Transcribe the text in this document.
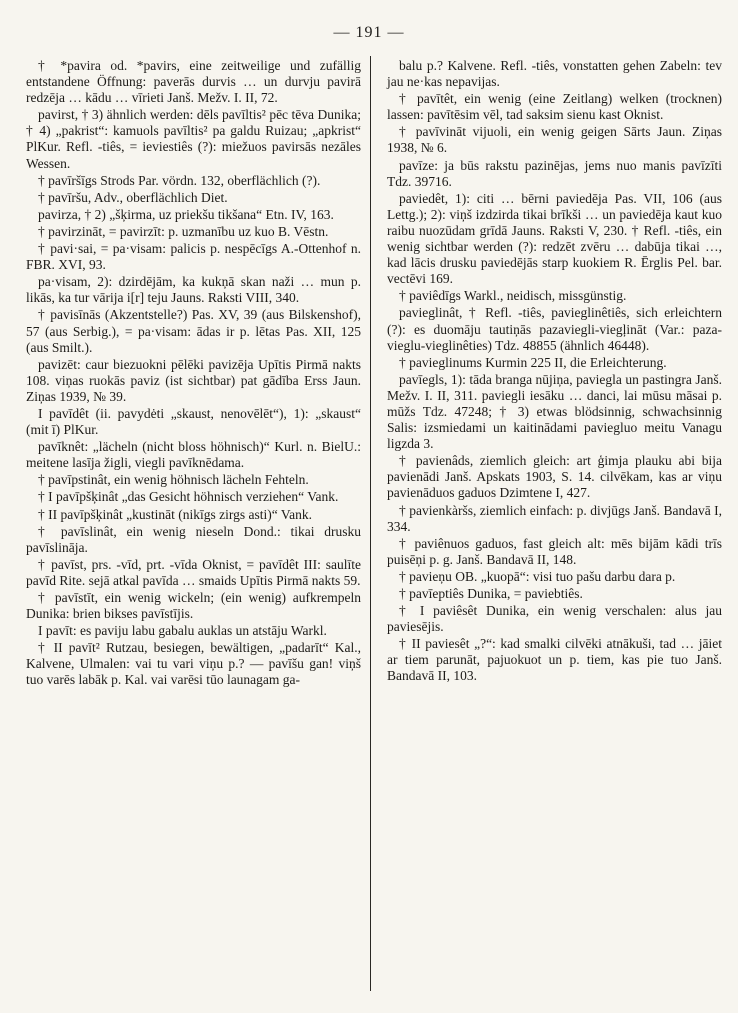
— 191 —

† *pavira od. *pavirs, eine zeitweilige und zufällig entstandene Öffnung: paverās durvis … un durvju pavirā redzēja … kādu … vīrieti Janš. Mežv. I. II, 72.

pavirst, † 3) ähnlich werden: dēls pavīltis² pēc tēva Dunika; † 4) „pakrist“: kamuols pavīltis² pa galdu Ruizau; „apkrist“ PlKur. Refl. -tiês, = ieviestiês (?): miežuos pavirsās nezāles Wessen.

† pavīršīgs Strods Par. vördn. 132, oberflächlich (?).

† pavīršu, Adv., oberflächlich Diet.

pavirza, † 2) „šķirma, uz priekšu tikšana“ Etn. IV, 163.

† pavirzināt, = pavirzīt: p. uzmanību uz kuo B. Vēstn.

† pavi·sai, = pa·visam: palicis p. nespēcīgs A.-Ottenhof n. FBR. XVI, 93.

pa·visam, 2): dzirdējām, ka kukņā skan naži … mun p. likās, ka tur vārija i[r] teju Jauns. Raksti VIII, 340.

† pavisīnās (Akzentstelle?) Pas. XV, 39 (aus Bilskenshof), 57 (aus Serbig.), = pa·visam: ādas ir p. lētas Pas. XII, 125 (aus Smilt.).

pavizēt: caur biezuokni pēlēki pavizēja Upītis Pirmā nakts 108. viņas ruokās paviz (ist sichtbar) pat gādība Erss Jaun. Ziņas 1939, № 39.

I pavīdêt (ii. pavydėti „skaust, nenovēlēt“), 1): „skaust“ (mit ī) PlKur.

pavīknêt: „lächeln (nicht bloss höhnisch)“ Kurl. n. BielU.: meitene lasīja žigli, viegli pavīknēdama.

† pavīpstinât, ein wenig höhnisch lächeln Fehteln.

† I pavīpšķinât „das Gesicht höhnisch verziehen“ Vank.

† II pavīpšķinât „kustināt (nikīgs zirgs asti)“ Vank.

† pavīslinât, ein wenig nieseln Dond.: tikai drusku pavīslināja.

† pavīst, prs. -vīd, prt. -vīda Oknist, = pavīdêt III: saulīte pavīd Rite. sejā atkal pavīda … smaids Upītis Pirmā nakts 59.

† pavīstīt, ein wenig wickeln; (ein wenig) aufkrempeln Dunika: brien bikses pavīstījis.

I pavīt: es paviju labu gabalu auklas un atstāju Warkl.

† II pavīt² Rutzau, besiegen, bewältigen, „padarīt“ Kal., Kalvene, Ulmalen: vai tu vari viņu p.? — pavīšu gan! viņš tuo varēs labāk p. Kal. vai varēsi tūo launagam ga-

balu p.? Kalvene. Refl. -tiês, vonstatten gehen Zabeln: tev jau ne·kas nepavijas.

† pavītêt, ein wenig (eine Zeitlang) welken (trocknen) lassen: pavītēsim vēl, tad saksim sienu kast Oknist.

† pavīvināt vijuoli, ein wenig geigen Sārts Jaun. Ziņas 1938, № 6.

pavīze: ja būs rakstu pazinējas, jems nuo manis pavīzīti Tdz. 39716.

paviedêt, 1): citi … bērni paviedēja Pas. VII, 106 (aus Lettg.); 2): viņš izdzirda tikai brīkši … un paviedēja kaut kuo raibu nuozūdam grīdā Jauns. Raksti V, 230. † Refl. -tiês, ein wenig sichtbar werden (?): redzēt zvēru … dabūja tikai …, kad lācis drusku paviedējās starp kuokiem R. Ērglis Pel. bar. vectēvi 169.

† paviêdīgs Warkl., neidisch, missgünstig.

pavieglinât, † Refl. -tiês, pavieglinêtiês, sich erleichtern (?): es duomāju tautiņās pazaviegli-viegļināt (Var.: paza-vieglu-vieglinêties) Tdz. 48855 (ähnlich 46448).

† pavieglinums Kurmin 225 II, die Erleichterung.

pavīegls, 1): tāda branga nūjiņa, paviegla un pastingra Janš. Mežv. I. II, 311. paviegli iesāku … danci, lai mūsu māsai p. mūžs Tdz. 47248; † 3) etwas blödsinnig, schwachsinnig Salis: izsmiedami un kaitinādami paviegluo meitu Vanagu ligzda 3.

† pavienâds, ziemlich gleich: art ģimja plauku abi bija pavienādi Janš. Apskats 1903, S. 14. cilvēkam, kas ar viņu pavienāduos gaduos Dzimtene I, 427.

† pavienkàršs, ziemlich einfach: p. divjūgs Janš. Bandavā I, 334.

† paviênuos gaduos, fast gleich alt: mēs bijām kādi trīs puisēņi p. g. Janš. Bandavā II, 148.

† pavieņu OB. „kuopā“: visi tuo pašu darbu dara p.

† pavīeptiês Dunika, = paviebtiês.

† I paviêsêt Dunika, ein wenig verschalen: alus jau paviesējis.

† II paviesêt „?“: kad smalki cilvēki atnākuši, tad … jāiet ar tiem parunāt, pajuokuot un p. tiem, kas pie tuo Janš. Bandavā II, 103.
